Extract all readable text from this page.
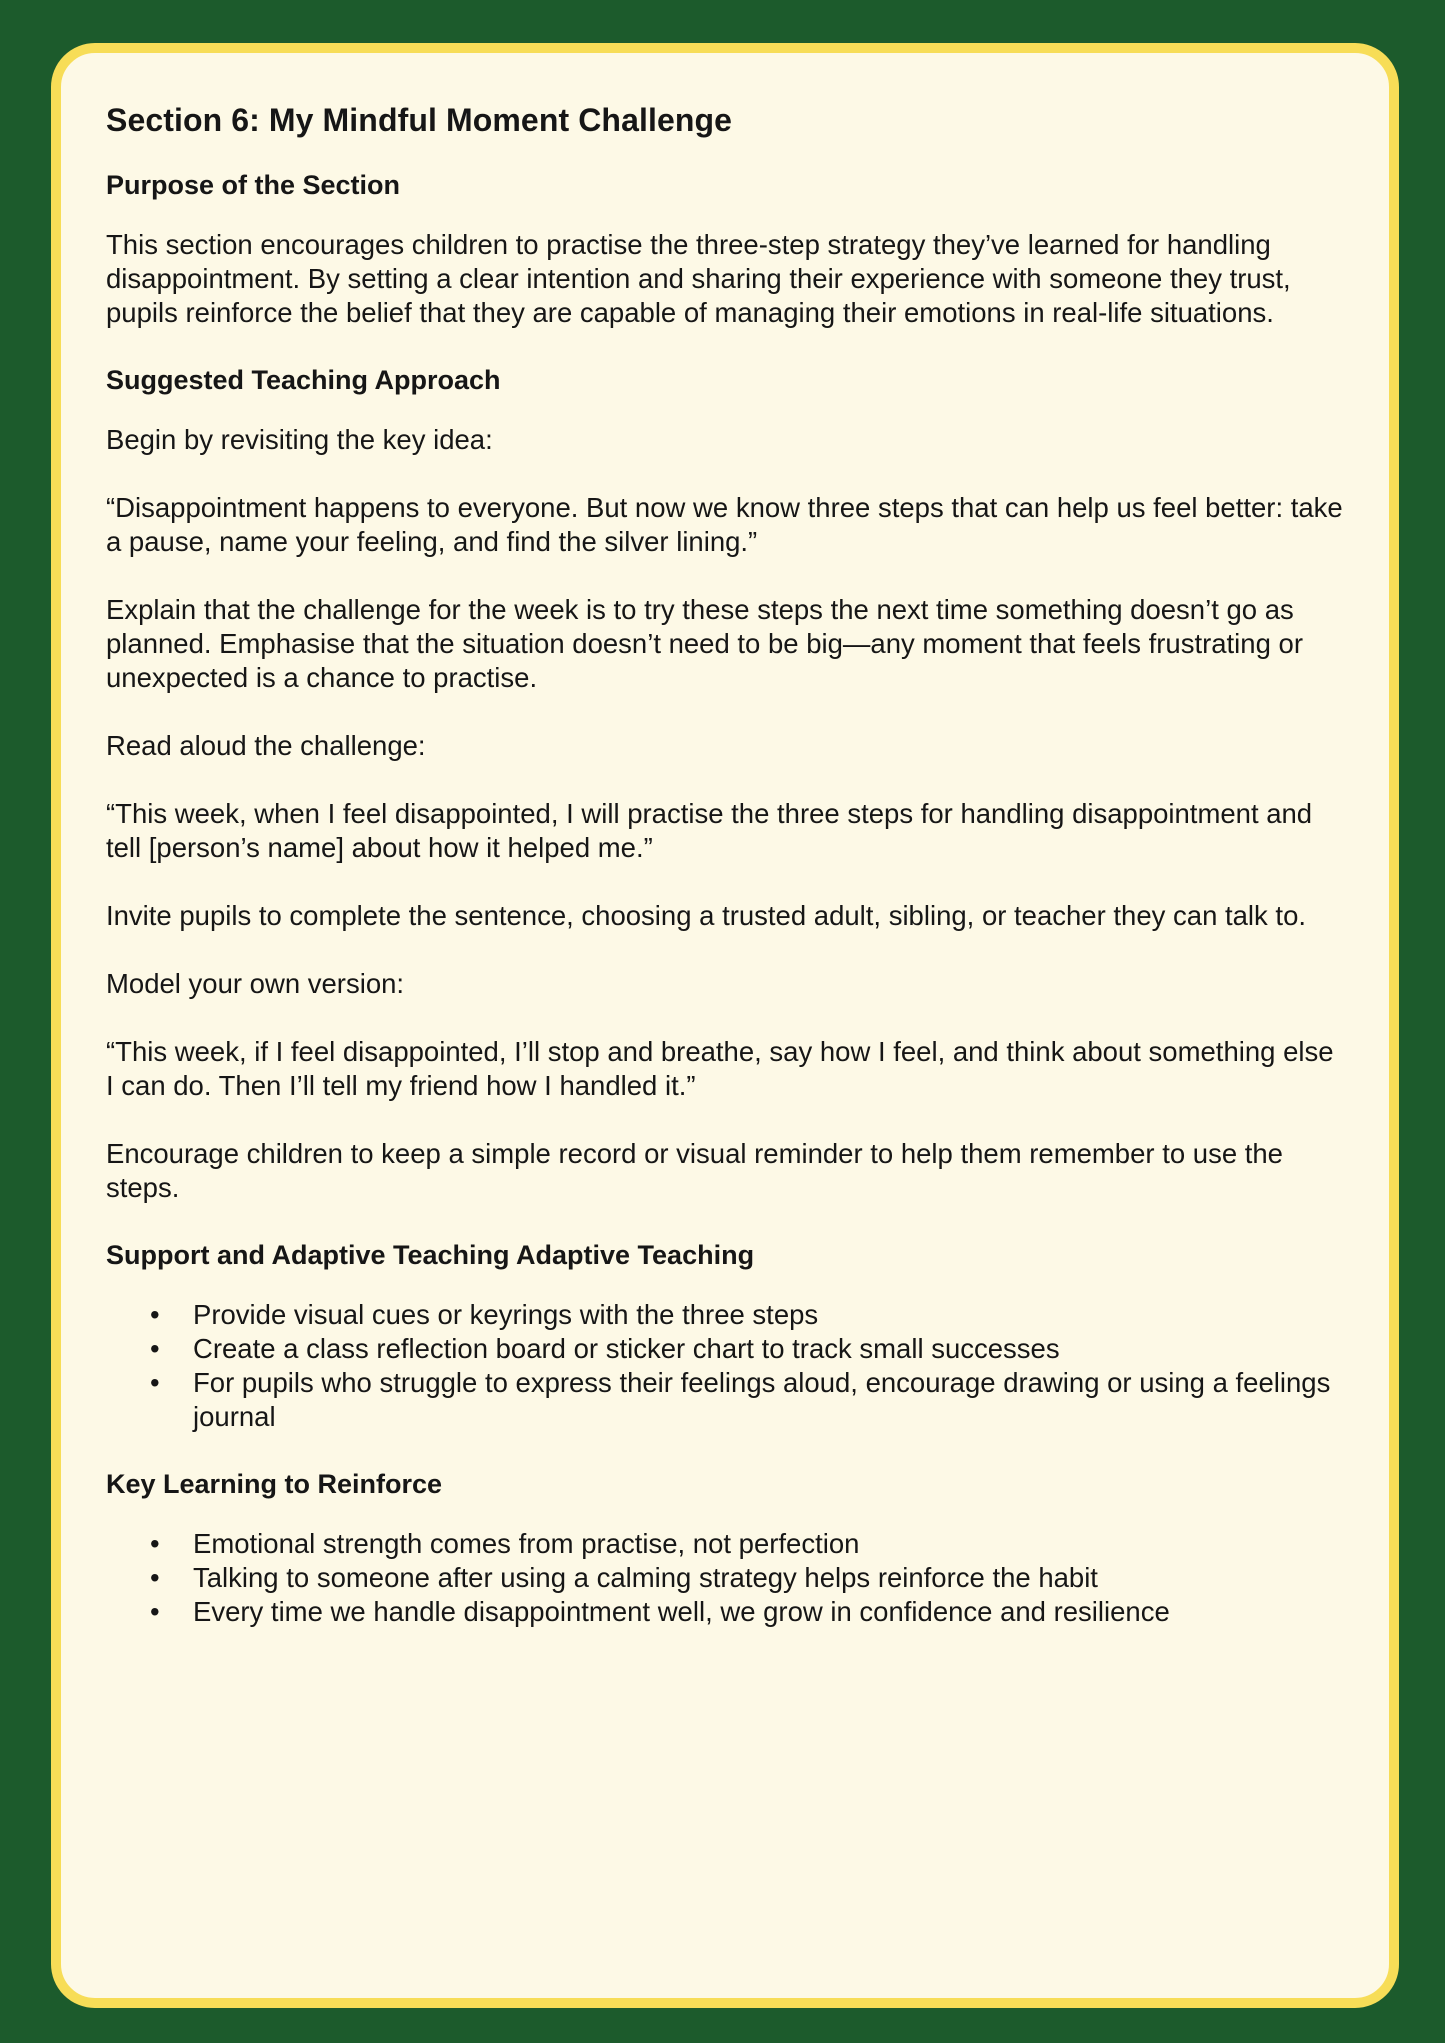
Section 6: My Mindful Moment Challenge
Purpose of the Section

This section encourages children to practise the three-step strategy they’ve learned for handling disappointment. By setting a clear intention and sharing their experience with someone they trust, pupils reinforce the belief that they are capable of managing their emotions in real-life situations.

Suggested Teaching Approach

Begin by revisiting the key idea:

“Disappointment happens to everyone. But now we know three steps that can help us feel better: take a pause, name your feeling, and find the silver lining.”

Explain that the challenge for the week is to try these steps the next time something doesn’t go as planned. Emphasise that the situation doesn’t need to be big—any moment that feels frustrating or unexpected is a chance to practise.

Read aloud the challenge:

“This week, when I feel disappointed, I will practise the three steps for handling disappointment and tell [person’s name] about how it helped me.”

Invite pupils to complete the sentence, choosing a trusted adult, sibling, or teacher they can talk to.

Model your own version:

“This week, if I feel disappointed, I’ll stop and breathe, say how I feel, and think about something else I can do. Then I’ll tell my friend how I handled it.”

Encourage children to keep a simple record or visual reminder to help them remember to use the steps.

Support and Adaptive Teaching Adaptive Teaching
• Provide visual cues or keyrings with the three steps
• Create a class reflection board or sticker chart to track small successes
• For pupils who struggle to express their feelings aloud, encourage drawing or using a feelings journal
Key Learning to Reinforce
• Emotional strength comes from practise, not perfection
• Talking to someone after using a calming strategy helps reinforce the habit
• Every time we handle disappointment well, we grow in confidence and resilience
